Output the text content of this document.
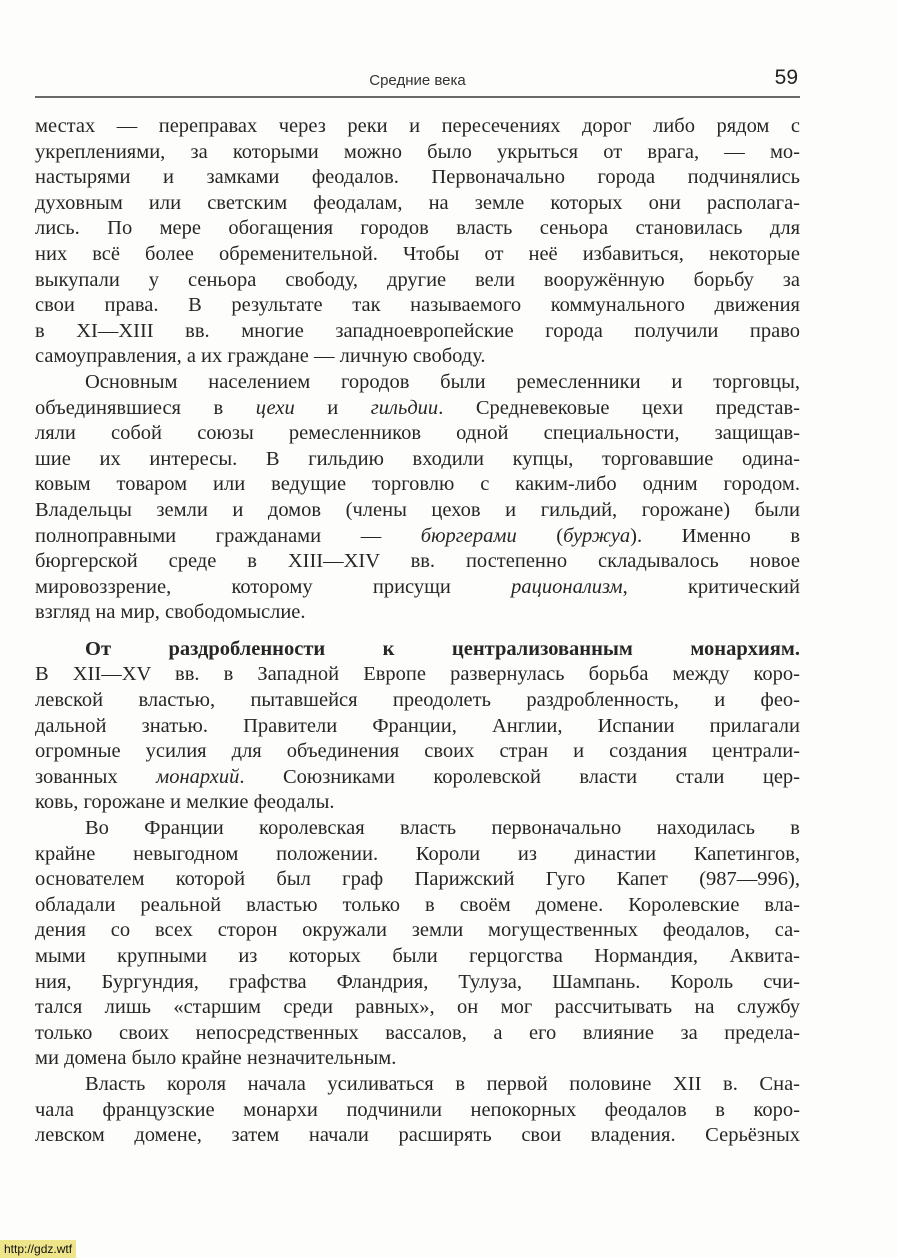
Средние века	59
местах — переправах через реки и пересечениях дорог либо рядом с
укреплениями, за которыми можно было укрыться от врага, — мо-
настырями и замками феодалов. Первоначально города подчинялись
духовным или светским феодалам, на земле которых они располага-
лись. По мере обогащения городов власть сеньора становилась для
них всё более обременительной. Чтобы от неё избавиться, некоторые
выкупали у сеньора свободу, другие вели вооружённую борьбу за
свои права. В результате так называемого коммунального движения
в XI—XIII вв. многие западноевропейские города получили право
самоуправления, а их граждане — личную свободу.
Основным населением городов были ремесленники и торговцы,
объединявшиеся в цехи и гильдии. Средневековые цехи представ-
ляли собой союзы ремесленников одной специальности, защищав-
шие их интересы. В гильдию входили купцы, торговавшие одина-
ковым товаром или ведущие торговлю с каким-либо одним городом.
Владельцы земли и домов (члены цехов и гильдий, горожане) были
полноправными гражданами — бюргерами (буржуа). Именно в
бюргерской среде в XIII—XIV вв. постепенно складывалось новое
мировоззрение, которому присущи рационализм, критический
взгляд на мир, свободомыслие.
От раздробленности к централизованным монархиям.
В XII—XV вв. в Западной Европе развернулась борьба между коро-
левской властью, пытавшейся преодолеть раздробленность, и фео-
дальной знатью. Правители Франции, Англии, Испании прилагали
огромные усилия для объединения своих стран и создания централи-
зованных монархий. Союзниками королевской власти стали цер-
ковь, горожане и мелкие феодалы.
Во Франции королевская власть первоначально находилась в
крайне невыгодном положении. Короли из династии Капетингов,
основателем которой был граф Парижский Гуго Капет (987—996),
обладали реальной властью только в своём домене. Королевские вла-
дения со всех сторон окружали земли могущественных феодалов, са-
мыми крупными из которых были герцогства Нормандия, Аквита-
ния, Бургундия, графства Фландрия, Тулуза, Шампань. Король счи-
тался лишь «старшим среди равных», он мог рассчитывать на службу
только своих непосредственных вассалов, а его влияние за предела-
ми домена было крайне незначительным.
Власть короля начала усиливаться в первой половине XII в. Сна-
чала французские монархи подчинили непокорных феодалов в коро-
левском домене, затем начали расширять свои владения. Серьёзных
http://gdz.wtf
